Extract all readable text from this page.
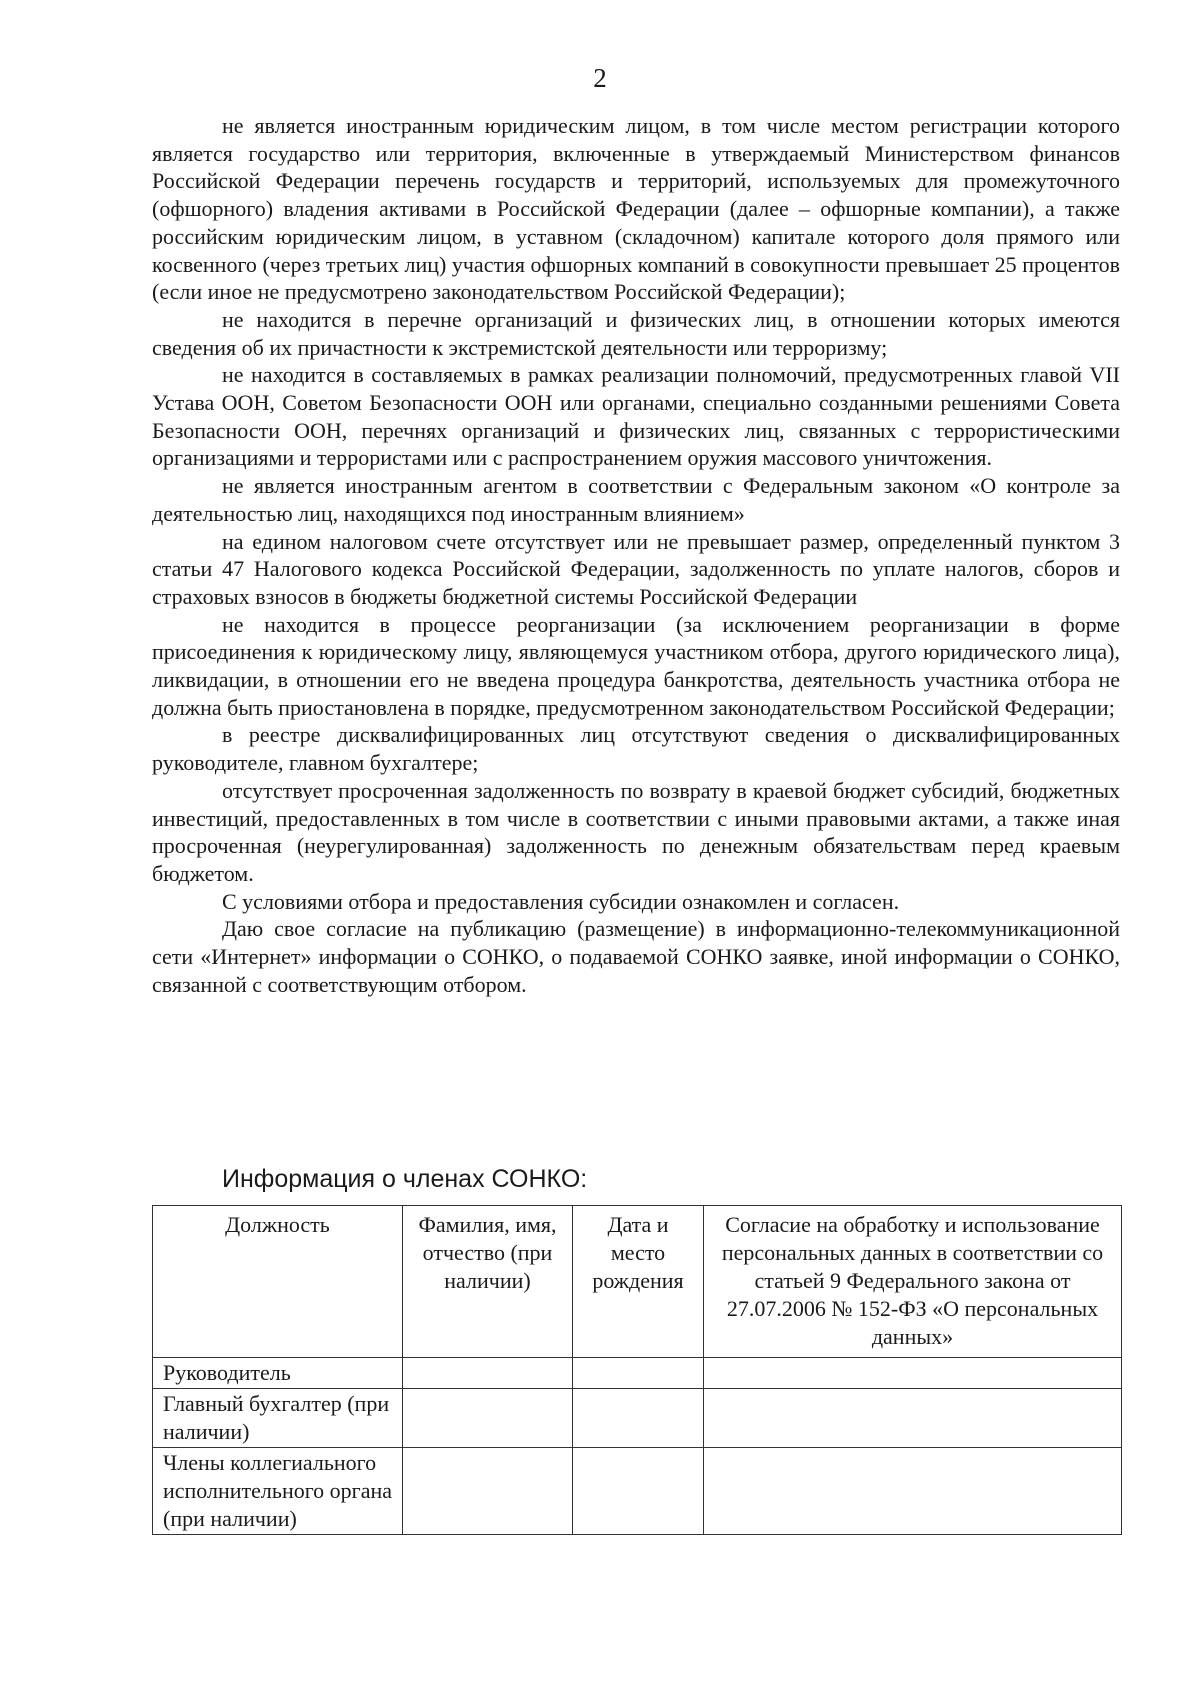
2

не является иностранным юридическим лицом, в том числе местом регистрации которого является государство или территория, включенные в утверждаемый Министерством финансов Российской Федерации перечень государств и территорий, используемых для промежуточного (офшорного) владения активами в Российской Федерации (далее – офшорные компании), а также российским юридическим лицом, в уставном (складочном) капитале которого доля прямого или косвенного (через третьих лиц) участия офшорных компаний в совокупности превышает 25 процентов (если иное не предусмотрено законодательством Российской Федерации);

не находится в перечне организаций и физических лиц, в отношении которых имеются сведения об их причастности к экстремистской деятельности или терроризму;

не находится в составляемых в рамках реализации полномочий, предусмотренных главой VII Устава ООН, Советом Безопасности ООН или органами, специально созданными решениями Совета Безопасности ООН, перечнях организаций и физических лиц, связанных с террористическими организациями и террористами или с распространением оружия массового уничтожения.

не является иностранным агентом в соответствии с Федеральным законом «О контроле за деятельностью лиц, находящихся под иностранным влиянием»

на едином налоговом счете отсутствует или не превышает размер, определенный пунктом 3 статьи 47 Налогового кодекса Российской Федерации, задолженность по уплате налогов, сборов и страховых взносов в бюджеты бюджетной системы Российской Федерации

не находится в процессе реорганизации (за исключением реорганизации в форме присоединения к юридическому лицу, являющемуся участником отбора, другого юридического лица), ликвидации, в отношении его не введена процедура банкротства, деятельность участника отбора не должна быть приостановлена в порядке, предусмотренном законодательством Российской Федерации;

в реестре дисквалифицированных лиц отсутствуют сведения о дисквалифицированных руководителе, главном бухгалтере;

отсутствует просроченная задолженность по возврату в краевой бюджет субсидий, бюджетных инвестиций, предоставленных в том числе в соответствии с иными правовыми актами, а также иная просроченная (неурегулированная) задолженность по денежным обязательствам перед краевым бюджетом.

С условиями отбора и предоставления субсидии ознакомлен и согласен.

Даю свое согласие на публикацию (размещение) в информационно-телекоммуникационной сети «Интернет» информации о СОНКО, о подаваемой СОНКО заявке, иной информации о СОНКО, связанной с соответствующим отбором.

Информация о членах СОНКО:
Должность	Фамилия, имя, отчество (при наличии)	Дата и место рождения	Согласие на обработку и использование персональных данных в соответствии со статьей 9 Федерального закона от 27.07.2006 № 152-ФЗ «О персональных данных»
Руководитель			
Главный бухгалтер (при наличии)			
Члены коллегиального исполнительного органа (при наличии)			
